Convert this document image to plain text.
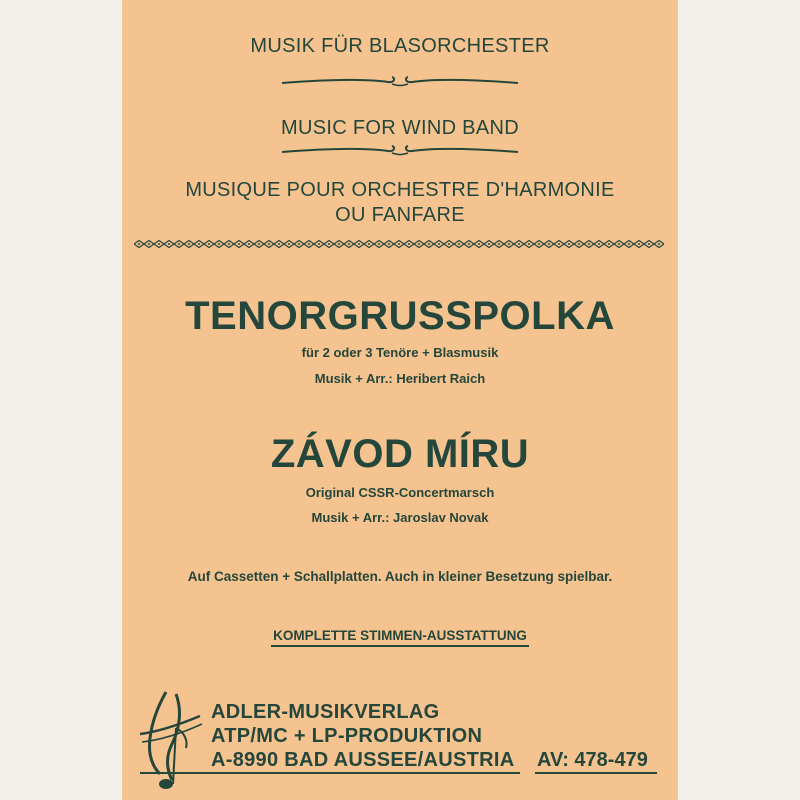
MUSIK FÜR BLASORCHESTER
MUSIC FOR WIND BAND
MUSIQUE POUR ORCHESTRE D'HARMONIE
OU FANFARE
TENORGRUSSPOLKA
für 2 oder 3 Tenöre + Blasmusik
Musik + Arr.: Heribert Raich
ZÁVOD MÍRU
Original CSSR-Concertmarsch
Musik + Arr.: Jaroslav Novak
Auf Cassetten + Schallplatten. Auch in kleiner Besetzung spielbar.
KOMPLETTE STIMMEN-AUSSTATTUNG
ADLER-MUSIKVERLAG
ATP/MC + LP-PRODUKTION
A-8990 BAD AUSSEE/AUSTRIA AV: 478-479
